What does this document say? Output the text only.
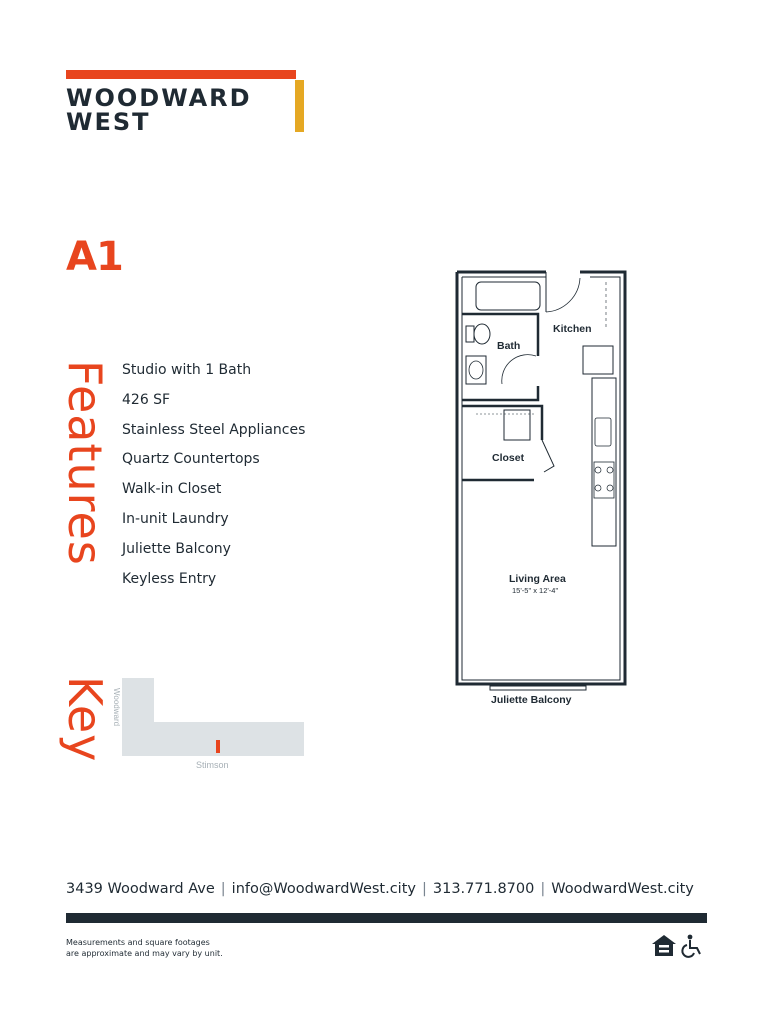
WOODWARD
WEST
A1
Features Studio with 1 Bath
426 SF
Stainless Steel Appliances
Quartz Countertops
Walk-in Closet
In-unit Laundry
Juliette Balcony
Keyless Entry
Key Woodward
Stimson
Kitchen
Bath
Closet
Living Area
15'-5" x 12'-4"
Juliette Balcony
3439 Woodward Ave | info@WoodwardWest.city | 313.771.8700 | WoodwardWest.city
Measurements and square footages
are approximate and may vary by unit.
